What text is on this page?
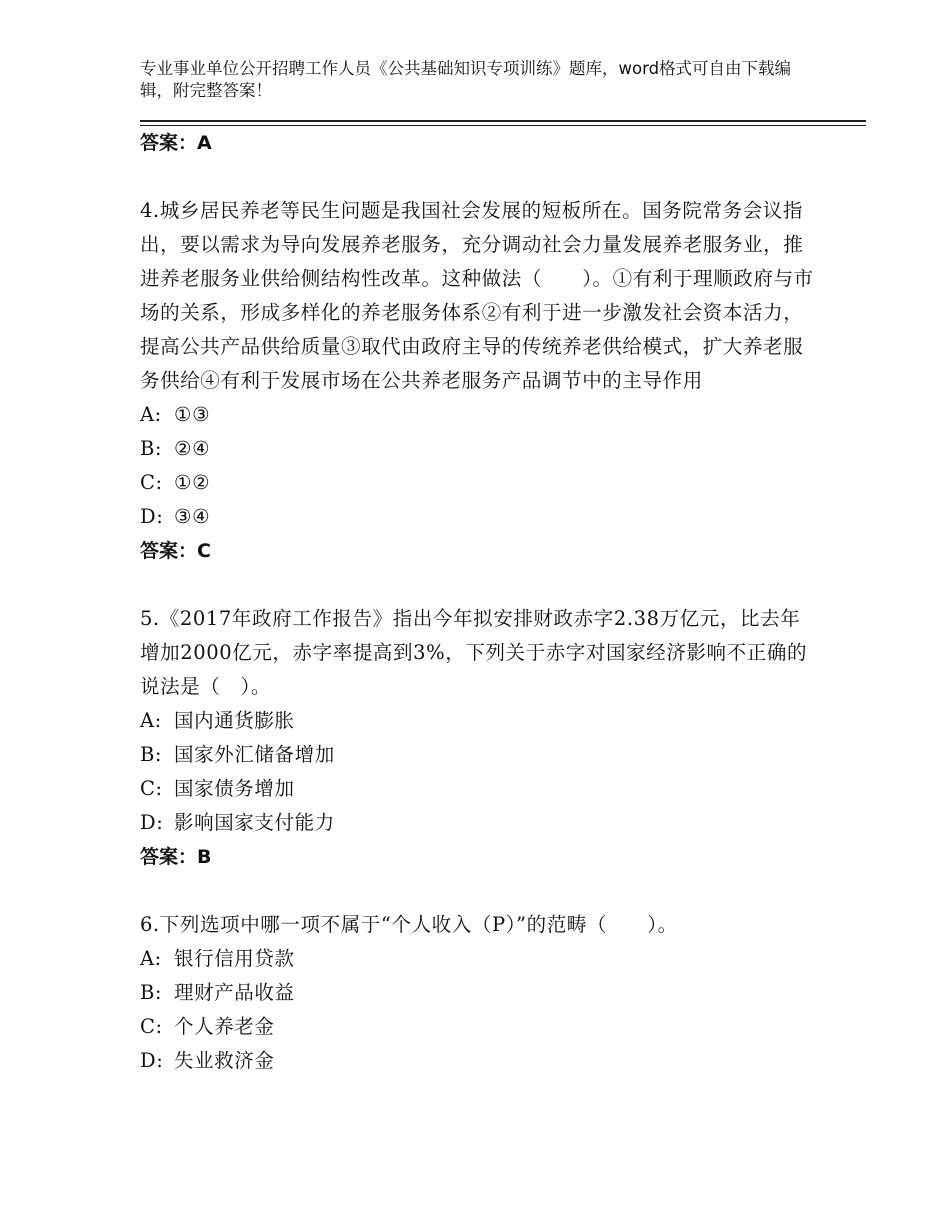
专业事业单位公开招聘工作人员《公共基础知识专项训练》题库，word格式可自由下载编辑，附完整答案！

答案：A

4.城乡居民养老等民生问题是我国社会发展的短板所在。国务院常务会议指出，要以需求为导向发展养老服务，充分调动社会力量发展养老服务业，推进养老服务业供给侧结构性改革。这种做法（　　）。①有利于理顺政府与市场的关系，形成多样化的养老服务体系②有利于进一步激发社会资本活力，提高公共产品供给质量③取代由政府主导的传统养老供给模式，扩大养老服务供给④有利于发展市场在公共养老服务产品调节中的主导作用

A: ①③

B: ②④

C: ①②

D: ③④

答案：C

5.《2017年政府工作报告》指出今年拟安排财政赤字2.38万亿元，比去年增加2000亿元，赤字率提高到3%，下列关于赤字对国家经济影响不正确的说法是（　）。

A: 国内通货膨胀

B: 国家外汇储备增加

C: 国家债务增加

D: 影响国家支付能力

答案：B

6.下列选项中哪一项不属于“个人收入（P）”的范畴（　　）。

A: 银行信用贷款

B: 理财产品收益

C: 个人养老金

D: 失业救济金
